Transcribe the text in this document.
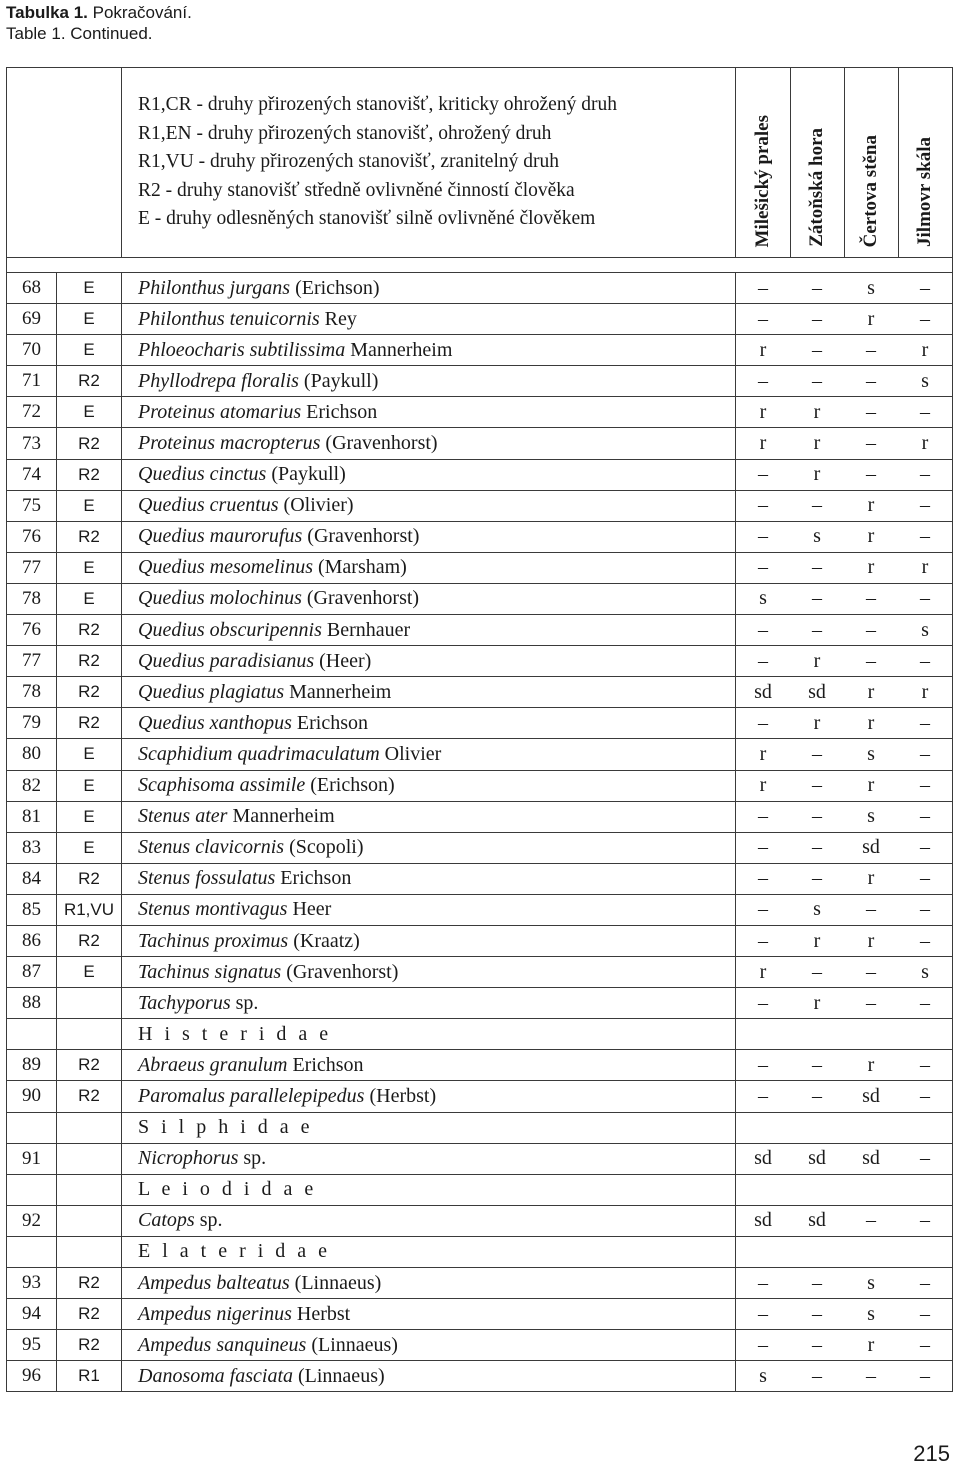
Tabulka 1. Pokračování.
Table 1. Continued.

		R1,CR - druhy přirozených stanovišť, kriticky ohrožený druh
R1,EN - druhy přirozených stanovišť, ohrožený druh
R1,VU - druhy přirozených stanovišť, zranitelný druh
R2 - druhy stanovišť středně ovlivněné činností člověka
E - druhy odlesněných stanovišť silně ovlivněné člověkem	Milešický prales	Zátoňská hora	Čertova stěna	Jilmovr skála

68	E	Philonthus jurgans (Erichson)	–	–	s	–
69	E	Philonthus tenuicornis Rey	–	–	r	–
70	E	Phloeocharis subtilissima Mannerheim	r	–	–	r
71	R2	Phyllodrepa floralis (Paykull)	–	–	–	s
72	E	Proteinus atomarius Erichson	r	r	–	–
73	R2	Proteinus macropterus (Gravenhorst)	r	r	–	r
74	R2	Quedius cinctus (Paykull)	–	r	–	–
75	E	Quedius cruentus (Olivier)	–	–	r	–
76	R2	Quedius maurorufus (Gravenhorst)	–	s	r	–
77	E	Quedius mesomelinus (Marsham)	–	–	r	r
78	E	Quedius molochinus (Gravenhorst)	s	–	–	–
76	R2	Quedius obscuripennis Bernhauer	–	–	–	s
77	R2	Quedius paradisianus (Heer)	–	r	–	–
78	R2	Quedius plagiatus Mannerheim	sd	sd	r	r
79	R2	Quedius xanthopus Erichson	–	r	r	–
80	E	Scaphidium quadrimaculatum Olivier	r	–	s	–
82	E	Scaphisoma assimile (Erichson)	r	–	r	–
81	E	Stenus ater Mannerheim	–	–	s	–
83	E	Stenus clavicornis (Scopoli)	–	–	sd	–
84	R2	Stenus fossulatus Erichson	–	–	r	–
85	R1,VU	Stenus montivagus Heer	–	s	–	–
86	R2	Tachinus proximus (Kraatz)	–	r	r	–
87	E	Tachinus signatus (Gravenhorst)	r	–	–	s
88		Tachyporus sp.	–	r	–	–
		H i s t e r i d a e				
89	R2	Abraeus granulum Erichson	–	–	r	–
90	R2	Paromalus parallelepipedus (Herbst)	–	–	sd	–
		S i l p h i d a e				
91		Nicrophorus sp.	sd	sd	sd	–
		L e i o d i d a e				
92		Catops sp.	sd	sd	–	–
		E l a t e r i d a e				
93	R2	Ampedus balteatus (Linnaeus)	–	–	s	–
94	R2	Ampedus nigerinus Herbst	–	–	s	–
95	R2	Ampedus sanquineus (Linnaeus)	–	–	r	–
96	R1	Danosoma fasciata (Linnaeus)	s	–	–	–
215
